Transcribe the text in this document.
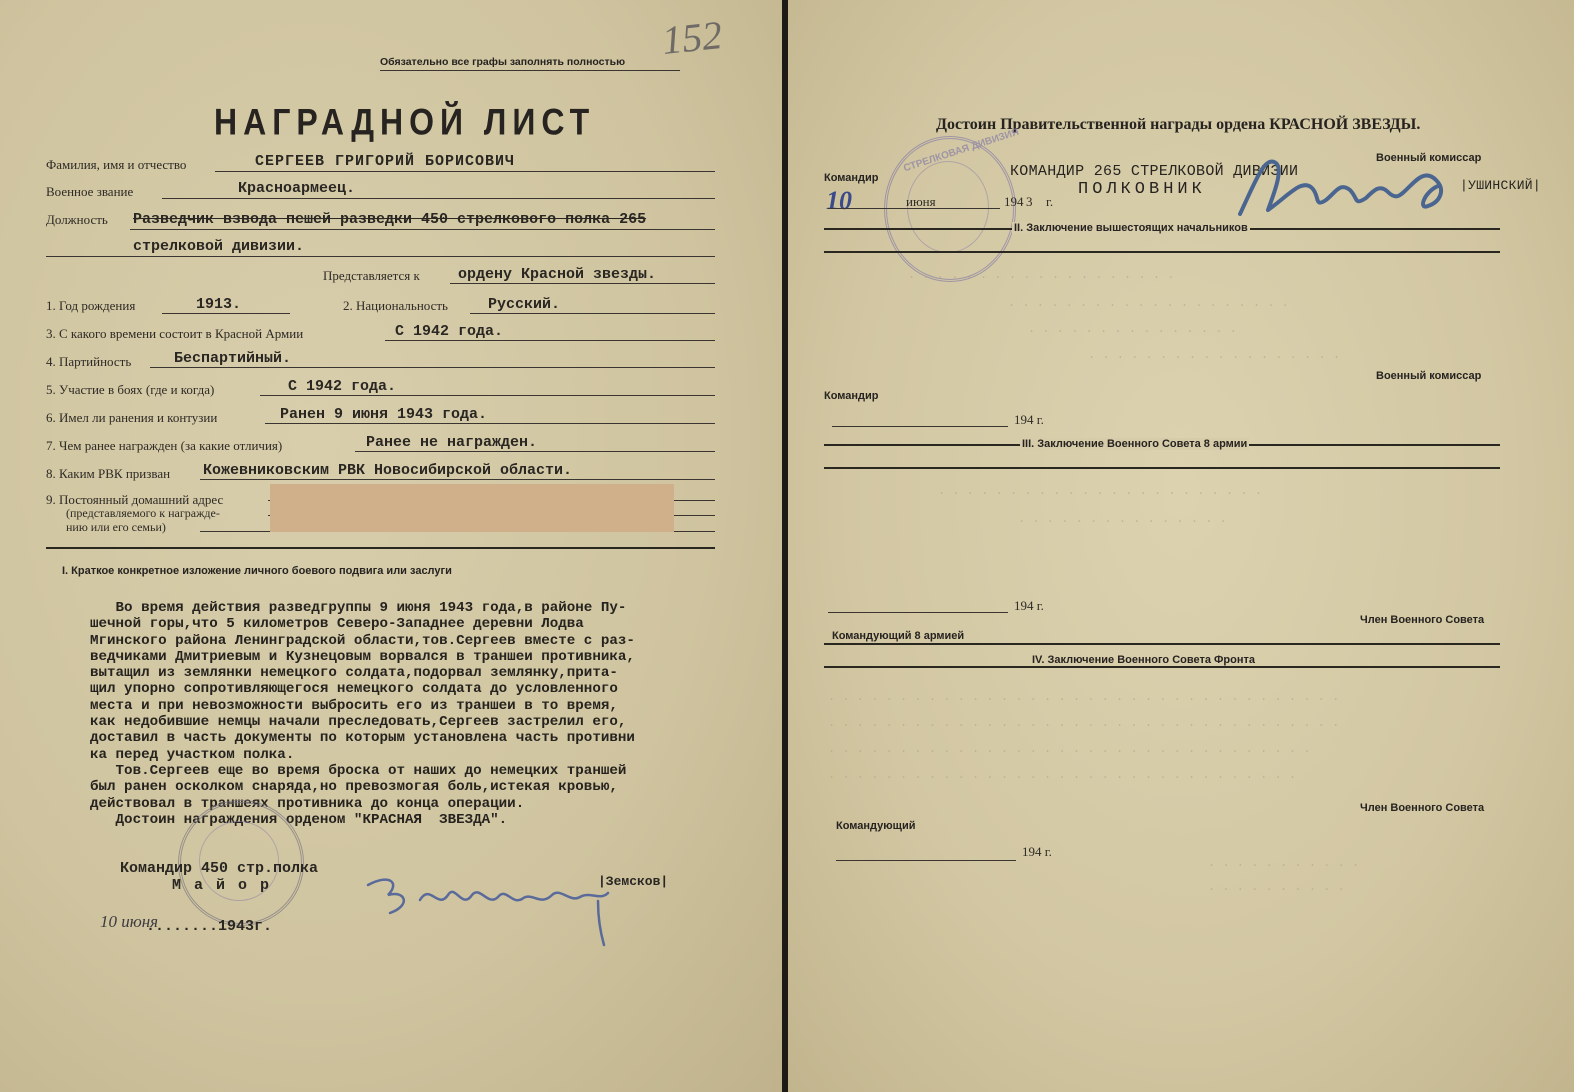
Обязательно все графы заполнять полностью 152
НАГРАДНОЙ ЛИСТ
Фамилия, имя и отчество	СЕРГЕЕВ ГРИГОРИЙ БОРИСОВИЧ
Военное звание	Красноармеец.
Должность Разведчик взвода пешей разведки 450 стрелкового полка 265
стрелковой дивизии.
Представляется к	ордену Красной звезды.
1. Год рождения	1913.	2. Национальность	Русский.
3. С какого времени состоит в Красной Армии	С 1942 года.
4. Партийность	Беспартийный.
5. Участие в боях (где и когда)	С 1942 года.
6. Имел ли ранения и контузии	Ранен 9 июня 1943 года.
7. Чем ранее награжден (за какие отличия)	Ранее не награжден.
8. Каким РВК призван Кожевниковским РВК Новосибирской области.
9. Постоянный домашний адрес
(представляемого к награжде-
нию или его семьи)
I. Краткое конкретное изложение личного боевого подвига или заслуги
Во время действия разведгруппы 9 июня 1943 года,в районе Пу-
шечной горы,что 5 километров Северо-Западнее деревни Лодва
Мгинского района Ленинградской области,тов.Сергеев вместе с раз-
ведчиками Дмитриевым и Кузнецовым ворвался в траншеи противника,
вытащил из землянки немецкого солдата,подорвал землянку,прита-
щил упорно сопротивляющегося немецкого солдата до условленного
места и при невозможности выбросить его из траншеи в то время,
как недобившие немцы начали преследовать,Сергеев застрелил его,
доставил в часть документы по которым установлена часть противни
ка перед участком полка.
Тов.Сергеев еще во время броска от наших до немецких траншей
был ранен осколком снаряда,но превозмогая боль,истекая кровью,
действовал в траншеях противника до конца операции.
Достоин награждения орденом "КРАСНАЯ  ЗВЕЗДА".
Командир 450 стр.полка
М а й о р	|Земсков|
10 июня
........1943г.
Достоин Правительственной награды ордена КРАСНОЙ ЗВЕЗДЫ.
СТРЕЛКОВАЯ ДИВИЗИЯ
Командир	КОМАНДИР 265 СТРЕЛКОВОЙ ДИВИЗИИ
ПОЛКОВНИК
Военный комиссар
|УШИНСКИЙ|
10	июня	194 3 г.
II. Заключение вышестоящих начальников
. . . . . . . . . . . . . . . . . . .
. . . . . . . . . . . . . . . . . . . .
. . . . . . . . . . . . . . .
. . . . . . . . . . . . . . . . . .
Командир
Военный комиссар
194 г.
III. Заключение Военного Совета 8 армии
. . . . . . . . . . . . . . . . . . . . . . .
. . . . . . . . . . . . . . .
194 г.
Командующий 8 армией
Член Военного Совета
IV. Заключение Военного Совета Фронта
. . . . . . . . . . . . . . . . . . . . . . . . . . . . . . . . . . . .
. . . . . . . . . . . . . . . . . . . . . . . . . . . . . . . . . . . .
. . . . . . . . . . . . . . . . . . . . . . . . . . . . . . . . . .
. . . . . . . . . . . . . . . . . . . . . . . . . . . . . . . . .
Член Военного Совета
Командующий
194 г.
. . . . . . . . . . .
. . . . . . . . . .
